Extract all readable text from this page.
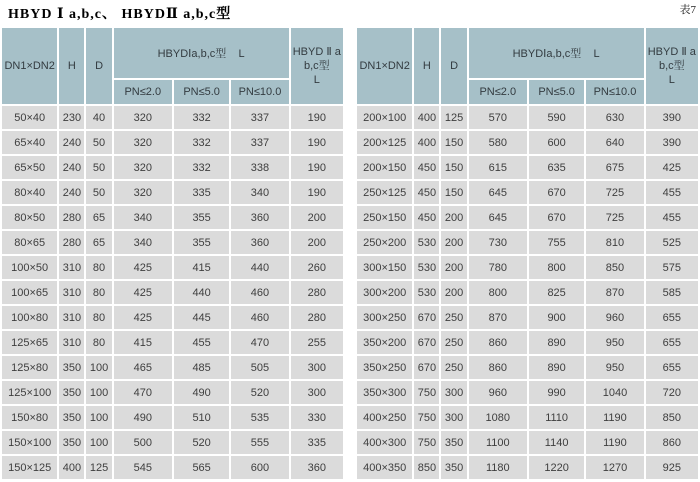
HBYD Ⅰ a,b,c、 HBYDⅡ a,b,c型	表7
DN1×DN2	H	D	HBYDⅠa,b,c型 L			HBYD Ⅱ a
b,c型
L

			PN≤2.0	PN≤5.0	PN≤10.0	
50×40	230	40	320	332	337	190
65×40	240	50	320	332	337	190
65×50	240	50	320	332	338	190
80×40	240	50	320	335	340	190
80×50	280	65	340	355	360	200
80×65	280	65	340	355	360	200
100×50	310	80	425	415	440	260
100×65	310	80	425	440	460	280
100×80	310	80	425	445	460	280
125×65	310	80	415	455	470	255
125×80	350	100	465	485	505	300
125×100	350	100	470	490	520	300
150×80	350	100	490	510	535	330
150×100	350	100	500	520	555	335
150×125	400	125	545	565	600	360
DN1×DN2	H	D	HBYDⅠa,b,c型 L			HBYD Ⅱ a
b,c型
L

			PN≤2.0	PN≤5.0	PN≤10.0	
200×100	400	125	570	590	630	390
200×125	400	150	580	600	640	390
200×150	450	150	615	635	675	425
250×125	450	150	645	670	725	455
250×150	450	200	645	670	725	455
250×200	530	200	730	755	810	525
300×150	530	200	780	800	850	575
300×200	530	200	800	825	870	585
300×250	670	250	870	900	960	655
350×200	670	250	860	890	950	655
350×250	670	250	860	890	950	655
350×300	750	300	960	990	1040	720
400×250	750	300	1080	1110	1190	850
400×300	750	350	1100	1140	1190	860
400×350	850	350	1180	1220	1270	925
